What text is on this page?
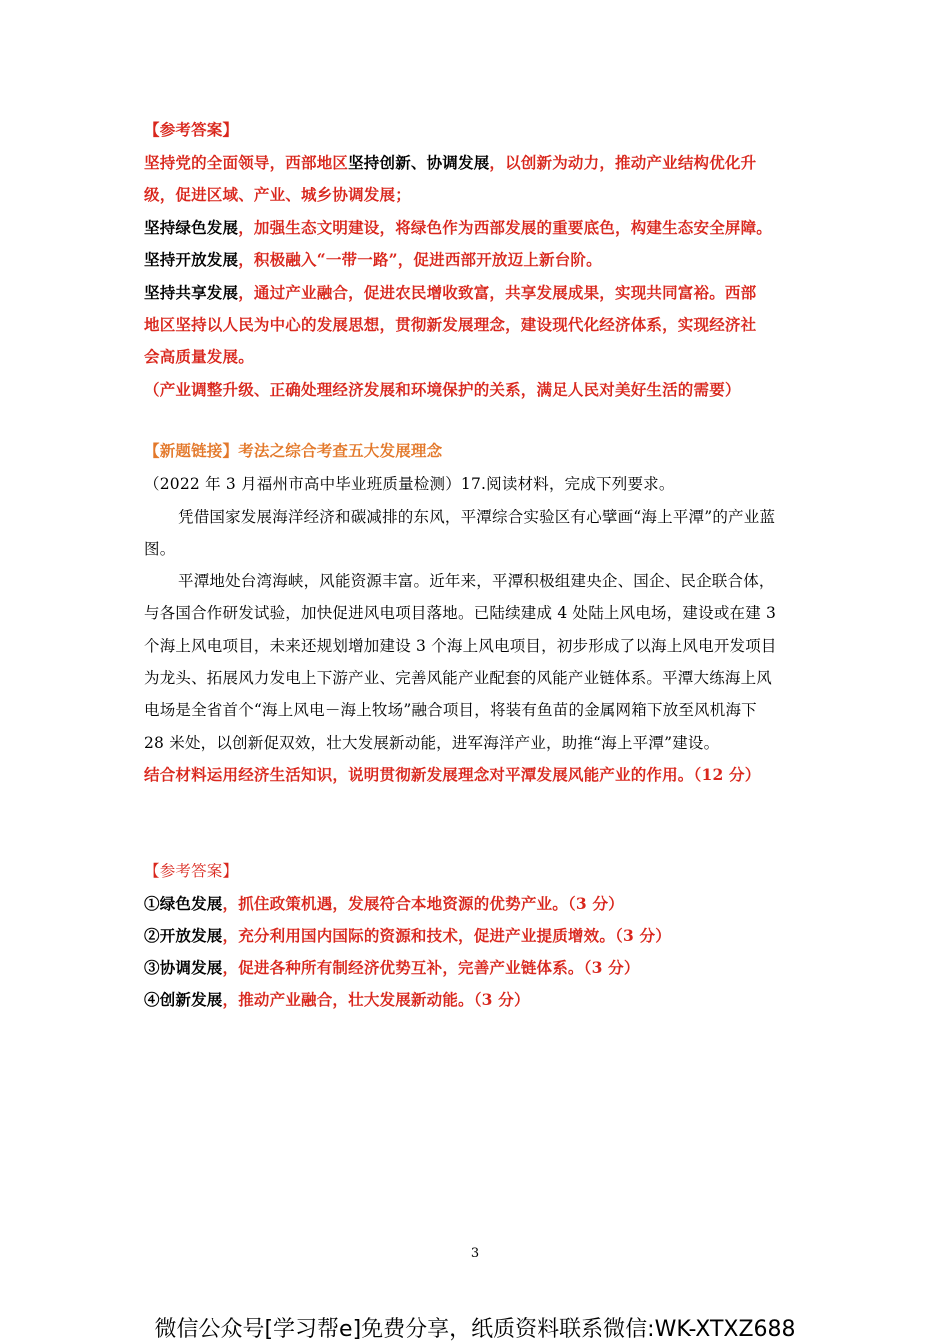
【参考答案】
坚持党的全面领导，西部地区坚持创新、协调发展，以创新为动力，推动产业结构优化升
级，促进区域、产业、城乡协调发展；
坚持绿色发展，加强生态文明建设，将绿色作为西部发展的重要底色，构建生态安全屏障。
坚持开放发展，积极融入“一带一路”，促进西部开放迈上新台阶。
坚持共享发展，通过产业融合，促进农民增收致富，共享发展成果，实现共同富裕。西部
地区坚持以人民为中心的发展思想，贯彻新发展理念，建设现代化经济体系，实现经济社
会高质量发展。
（产业调整升级、正确处理经济发展和环境保护的关系，满足人民对美好生活的需要）
【新题链接】考法之综合考查五大发展理念
（2022 年 3 月福州市高中毕业班质量检测）17.阅读材料，完成下列要求。
凭借国家发展海洋经济和碳减排的东风，平潭综合实验区有心擘画“海上平潭”的产业蓝
图。
平潭地处台湾海峡，风能资源丰富。近年来，平潭积极组建央企、国企、民企联合体，
与各国合作研发试验，加快促进风电项目落地。已陆续建成 4 处陆上风电场，建设或在建 3
个海上风电项目，未来还规划增加建设 3 个海上风电项目，初步形成了以海上风电开发项目
为龙头、拓展风力发电上下游产业、完善风能产业配套的风能产业链体系。平潭大练海上风
电场是全省首个“海上风电－海上牧场”融合项目，将装有鱼苗的金属网箱下放至风机海下
28 米处，以创新促双效，壮大发展新动能，进军海洋产业，助推“海上平潭”建设。
结合材料运用经济生活知识，说明贯彻新发展理念对平潭发展风能产业的作用。（12 分）
【参考答案】
①绿色发展，抓住政策机遇，发展符合本地资源的优势产业。（3 分）
②开放发展，充分利用国内国际的资源和技术，促进产业提质增效。（3 分）
③协调发展，促进各种所有制经济优势互补，完善产业链体系。（3 分）
④创新发展，推动产业融合，壮大发展新动能。（3 分）
3
微信公众号[学习帮e]免费分享，纸质资料联系微信:WK-XTXZ688
